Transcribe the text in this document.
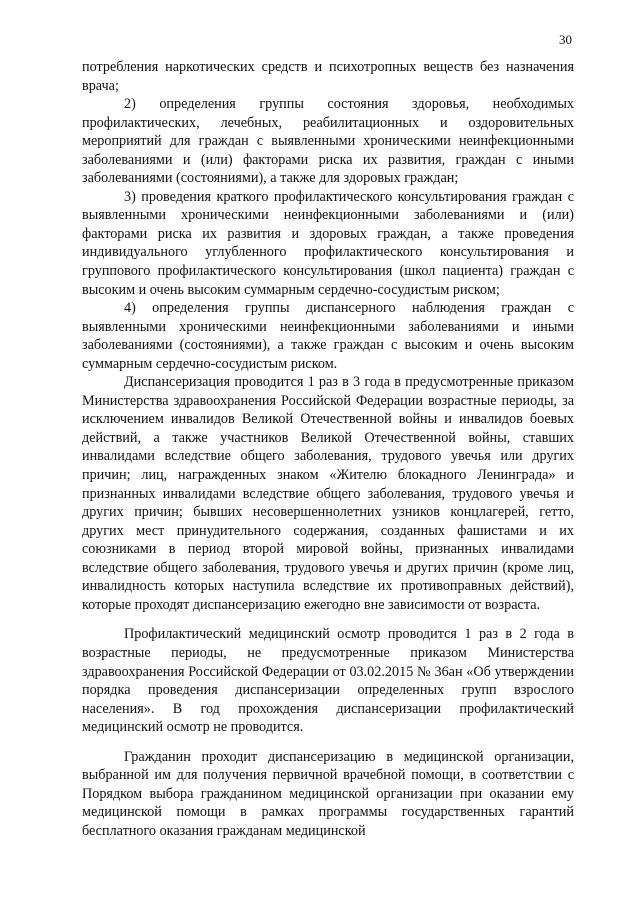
30

потребления наркотических средств и психотропных веществ без назначения врача;

2) определения группы состояния здоровья, необходимых профилактических, лечебных, реабилитационных и оздоровительных мероприятий для граждан с выявленными хроническими неинфекционными заболеваниями и (или) факторами риска их развития, граждан с иными заболеваниями (состояниями), а также для здоровых граждан;

3) проведения краткого профилактического консультирования граждан с выявленными хроническими неинфекционными заболеваниями и (или) факторами риска их развития и здоровых граждан, а также проведения индивидуального углубленного профилактического консультирования и группового профилактического консультирования (школ пациента) граждан с высоким и очень высоким суммарным сердечно-сосудистым риском;

4) определения группы диспансерного наблюдения граждан с выявленными хроническими неинфекционными заболеваниями и иными заболеваниями (состояниями), а также граждан с высоким и очень высоким суммарным сердечно-сосудистым риском.

Диспансеризация проводится 1 раз в 3 года в предусмотренные приказом Министерства здравоохранения Российской Федерации возрастные периоды, за исключением инвалидов Великой Отечественной войны и инвалидов боевых действий, а также участников Великой Отечественной войны, ставших инвалидами вследствие общего заболевания, трудового увечья или других причин; лиц, награжденных знаком «Жителю блокадного Ленинграда» и признанных инвалидами вследствие общего заболевания, трудового увечья и других причин; бывших несовершеннолетних узников концлагерей, гетто, других мест принудительного содержания, созданных фашистами и их союзниками в период второй мировой войны, признанных инвалидами вследствие общего заболевания, трудового увечья и других причин (кроме лиц, инвалидность которых наступила вследствие их противоправных действий), которые проходят диспансеризацию ежегодно вне зависимости от возраста.

Профилактический медицинский осмотр проводится 1 раз в 2 года в возрастные периоды, не предусмотренные приказом Министерства здравоохранения Российской Федерации от 03.02.2015 № 36ан «Об утверждении порядка проведения диспансеризации определенных групп взрослого населения». В год прохождения диспансеризации профилактический медицинский осмотр не проводится.

Гражданин проходит диспансеризацию в медицинской организации, выбранной им для получения первичной врачебной помощи, в соответствии с Порядком выбора гражданином медицинской организации при оказании ему медицинской помощи в рамках программы государственных гарантий бесплатного оказания гражданам медицинской
